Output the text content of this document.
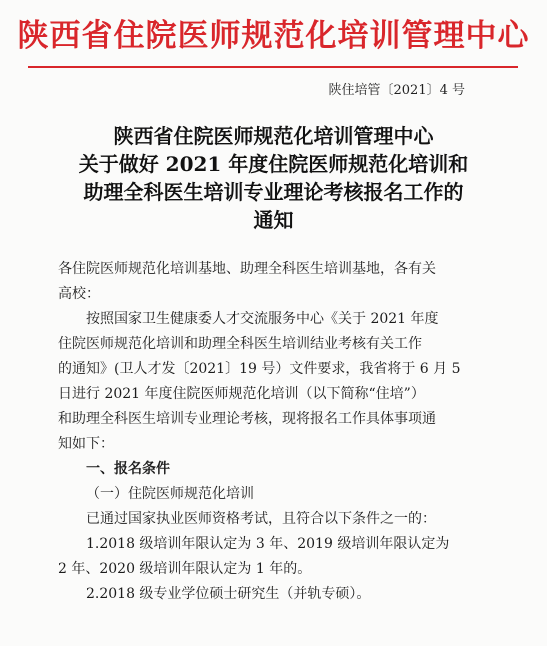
陕西省住院医师规范化培训管理中心
陕住培管〔2021〕4 号
陕西省住院医师规范化培训管理中心
关于做好 2021 年度住院医师规范化培训和
助理全科医生培训专业理论考核报名工作的
通知

各住院医师规范化培训基地、助理全科医生培训基地，各有关

高校：

按照国家卫生健康委人才交流服务中心《关于 2021 年度

住院医师规范化培训和助理全科医生培训结业考核有关工作

的通知》(卫人才发〔2021〕19 号）文件要求，我省将于 6 月 5

日进行 2021 年度住院医师规范化培训（以下简称“住培”）

和助理全科医生培训专业理论考核，现将报名工作具体事项通

知如下：

一、报名条件

（一）住院医师规范化培训

已通过国家执业医师资格考试，且符合以下条件之一的：

1.2018 级培训年限认定为 3 年、2019 级培训年限认定为

2 年、2020 级培训年限认定为 1 年的。

2.2018 级专业学位硕士研究生（并轨专硕）。
